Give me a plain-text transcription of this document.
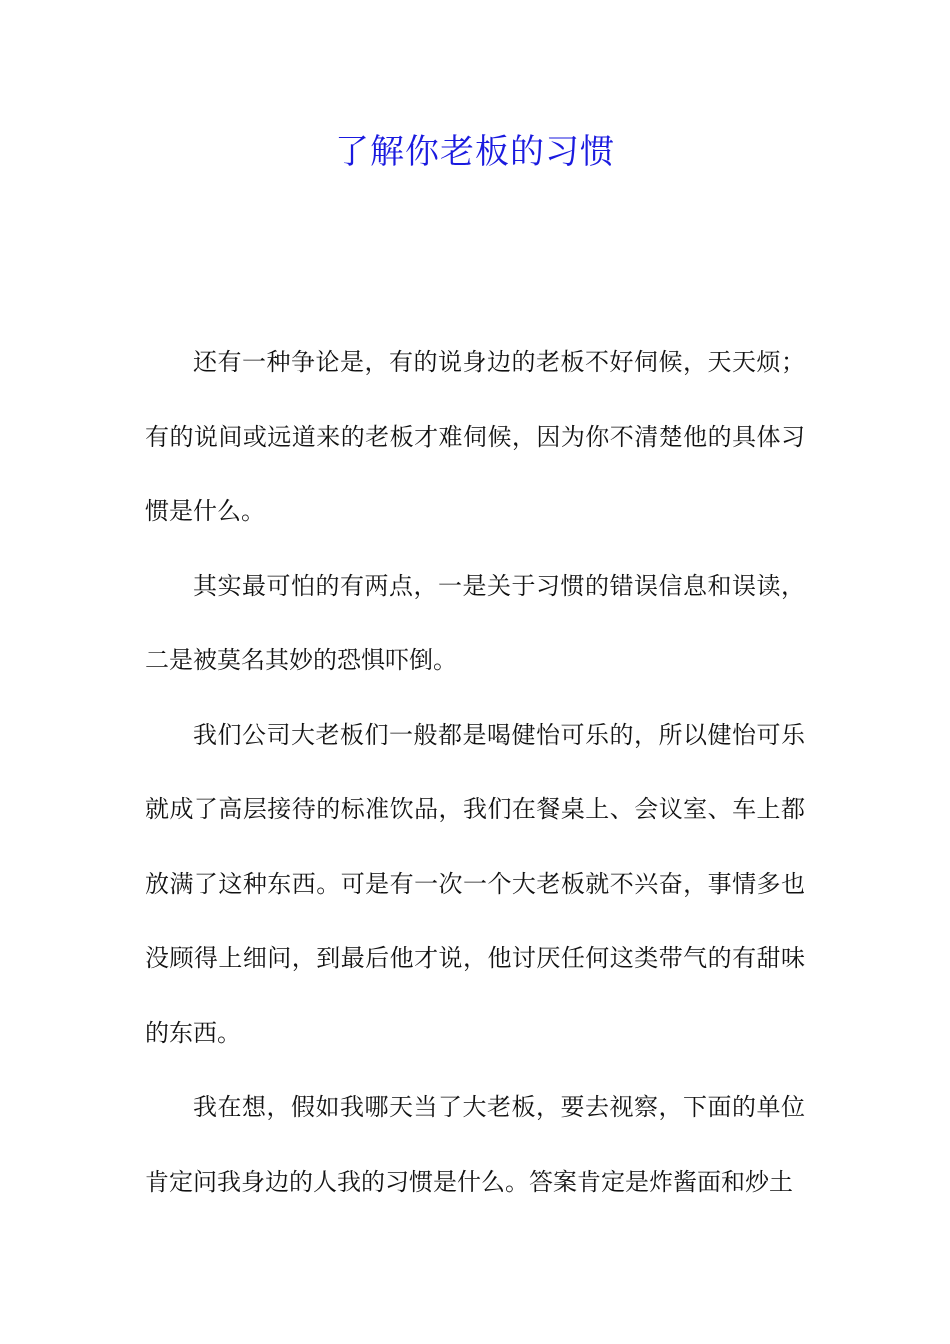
了解你老板的习惯

还有一种争论是，有的说身边的老板不好伺候，天天烦；有的说间或远道来的老板才难伺候，因为你不清楚他的具体习惯是什么。

其实最可怕的有两点，一是关于习惯的错误信息和误读，二是被莫名其妙的恐惧吓倒。

我们公司大老板们一般都是喝健怡可乐的，所以健怡可乐就成了高层接待的标准饮品，我们在餐桌上、会议室、车上都放满了这种东西。可是有一次一个大老板就不兴奋，事情多也没顾得上细问，到最后他才说，他讨厌任何这类带气的有甜味的东西。

我在想，假如我哪天当了大老板，要去视察，下面的单位肯定问我身边的人我的习惯是什么。答案肯定是炸酱面和炒土
